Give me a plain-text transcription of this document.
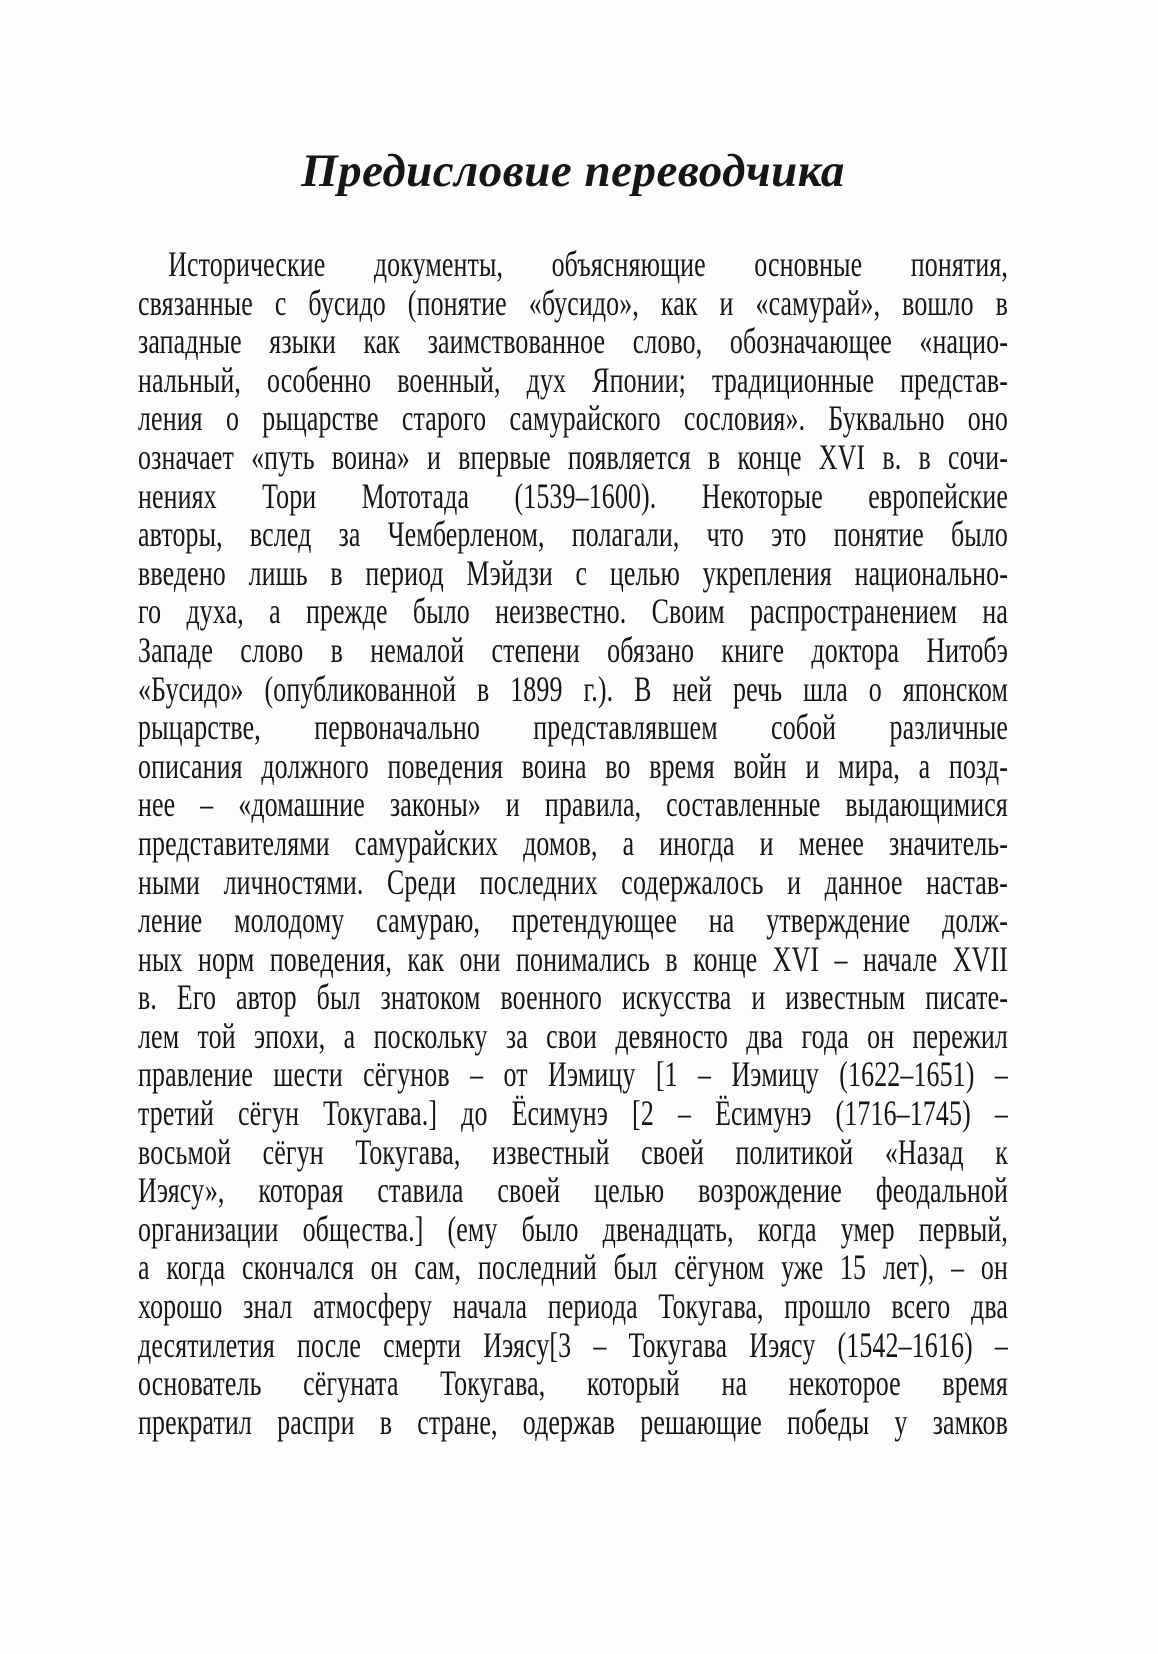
Предисловие переводчика
Исторические документы, объясняющие основные понятия,
связанные с бусидо (понятие «бусидо», как и «самурай», вошло в
западные языки как заимствованное слово, обозначающее «нацио-
нальный, особенно военный, дух Японии; традиционные представ-
ления о рыцарстве старого самурайского сословия». Буквально оно
означает «путь воина» и впервые появляется в конце XVI в. в сочи-
нениях Тори Мототада (1539–1600). Некоторые европейские
авторы, вслед за Чемберленом, полагали, что это понятие было
введено лишь в период Мэйдзи с целью укрепления национально-
го духа, а прежде было неизвестно. Своим распространением на
Западе слово в немалой степени обязано книге доктора Нитобэ
«Бусидо» (опубликованной в 1899 г.). В ней речь шла о японском
рыцарстве, первоначально представлявшем собой различные
описания должного поведения воина во время войн и мира, а позд-
нее – «домашние законы» и правила, составленные выдающимися
представителями самурайских домов, а иногда и менее значитель-
ными личностями. Среди последних содержалось и данное настав-
ление молодому самураю, претендующее на утверждение долж-
ных норм поведения, как они понимались в конце XVI – начале XVII
в. Его автор был знатоком военного искусства и известным писате-
лем той эпохи, а поскольку за свои девяносто два года он пережил
правление шести сёгунов – от Иэмицу [1 – Иэмицу (1622–1651) –
третий сёгун Токугава.] до Ёсимунэ [2 – Ёсимунэ (1716–1745) –
восьмой сёгун Токугава, известный своей политикой «Назад к
Иэясу», которая ставила своей целью возрождение феодальной
организации общества.] (ему было двенадцать, когда умер первый,
а когда скончался он сам, последний был сёгуном уже 15 лет), – он
хорошо знал атмосферу начала периода Токугава, прошло всего два
десятилетия после смерти Иэясу[3 – Токугава Иэясу (1542–1616) –
основатель сёгуната Токугава, который на некоторое время
прекратил распри в стране, одержав решающие победы у замков
